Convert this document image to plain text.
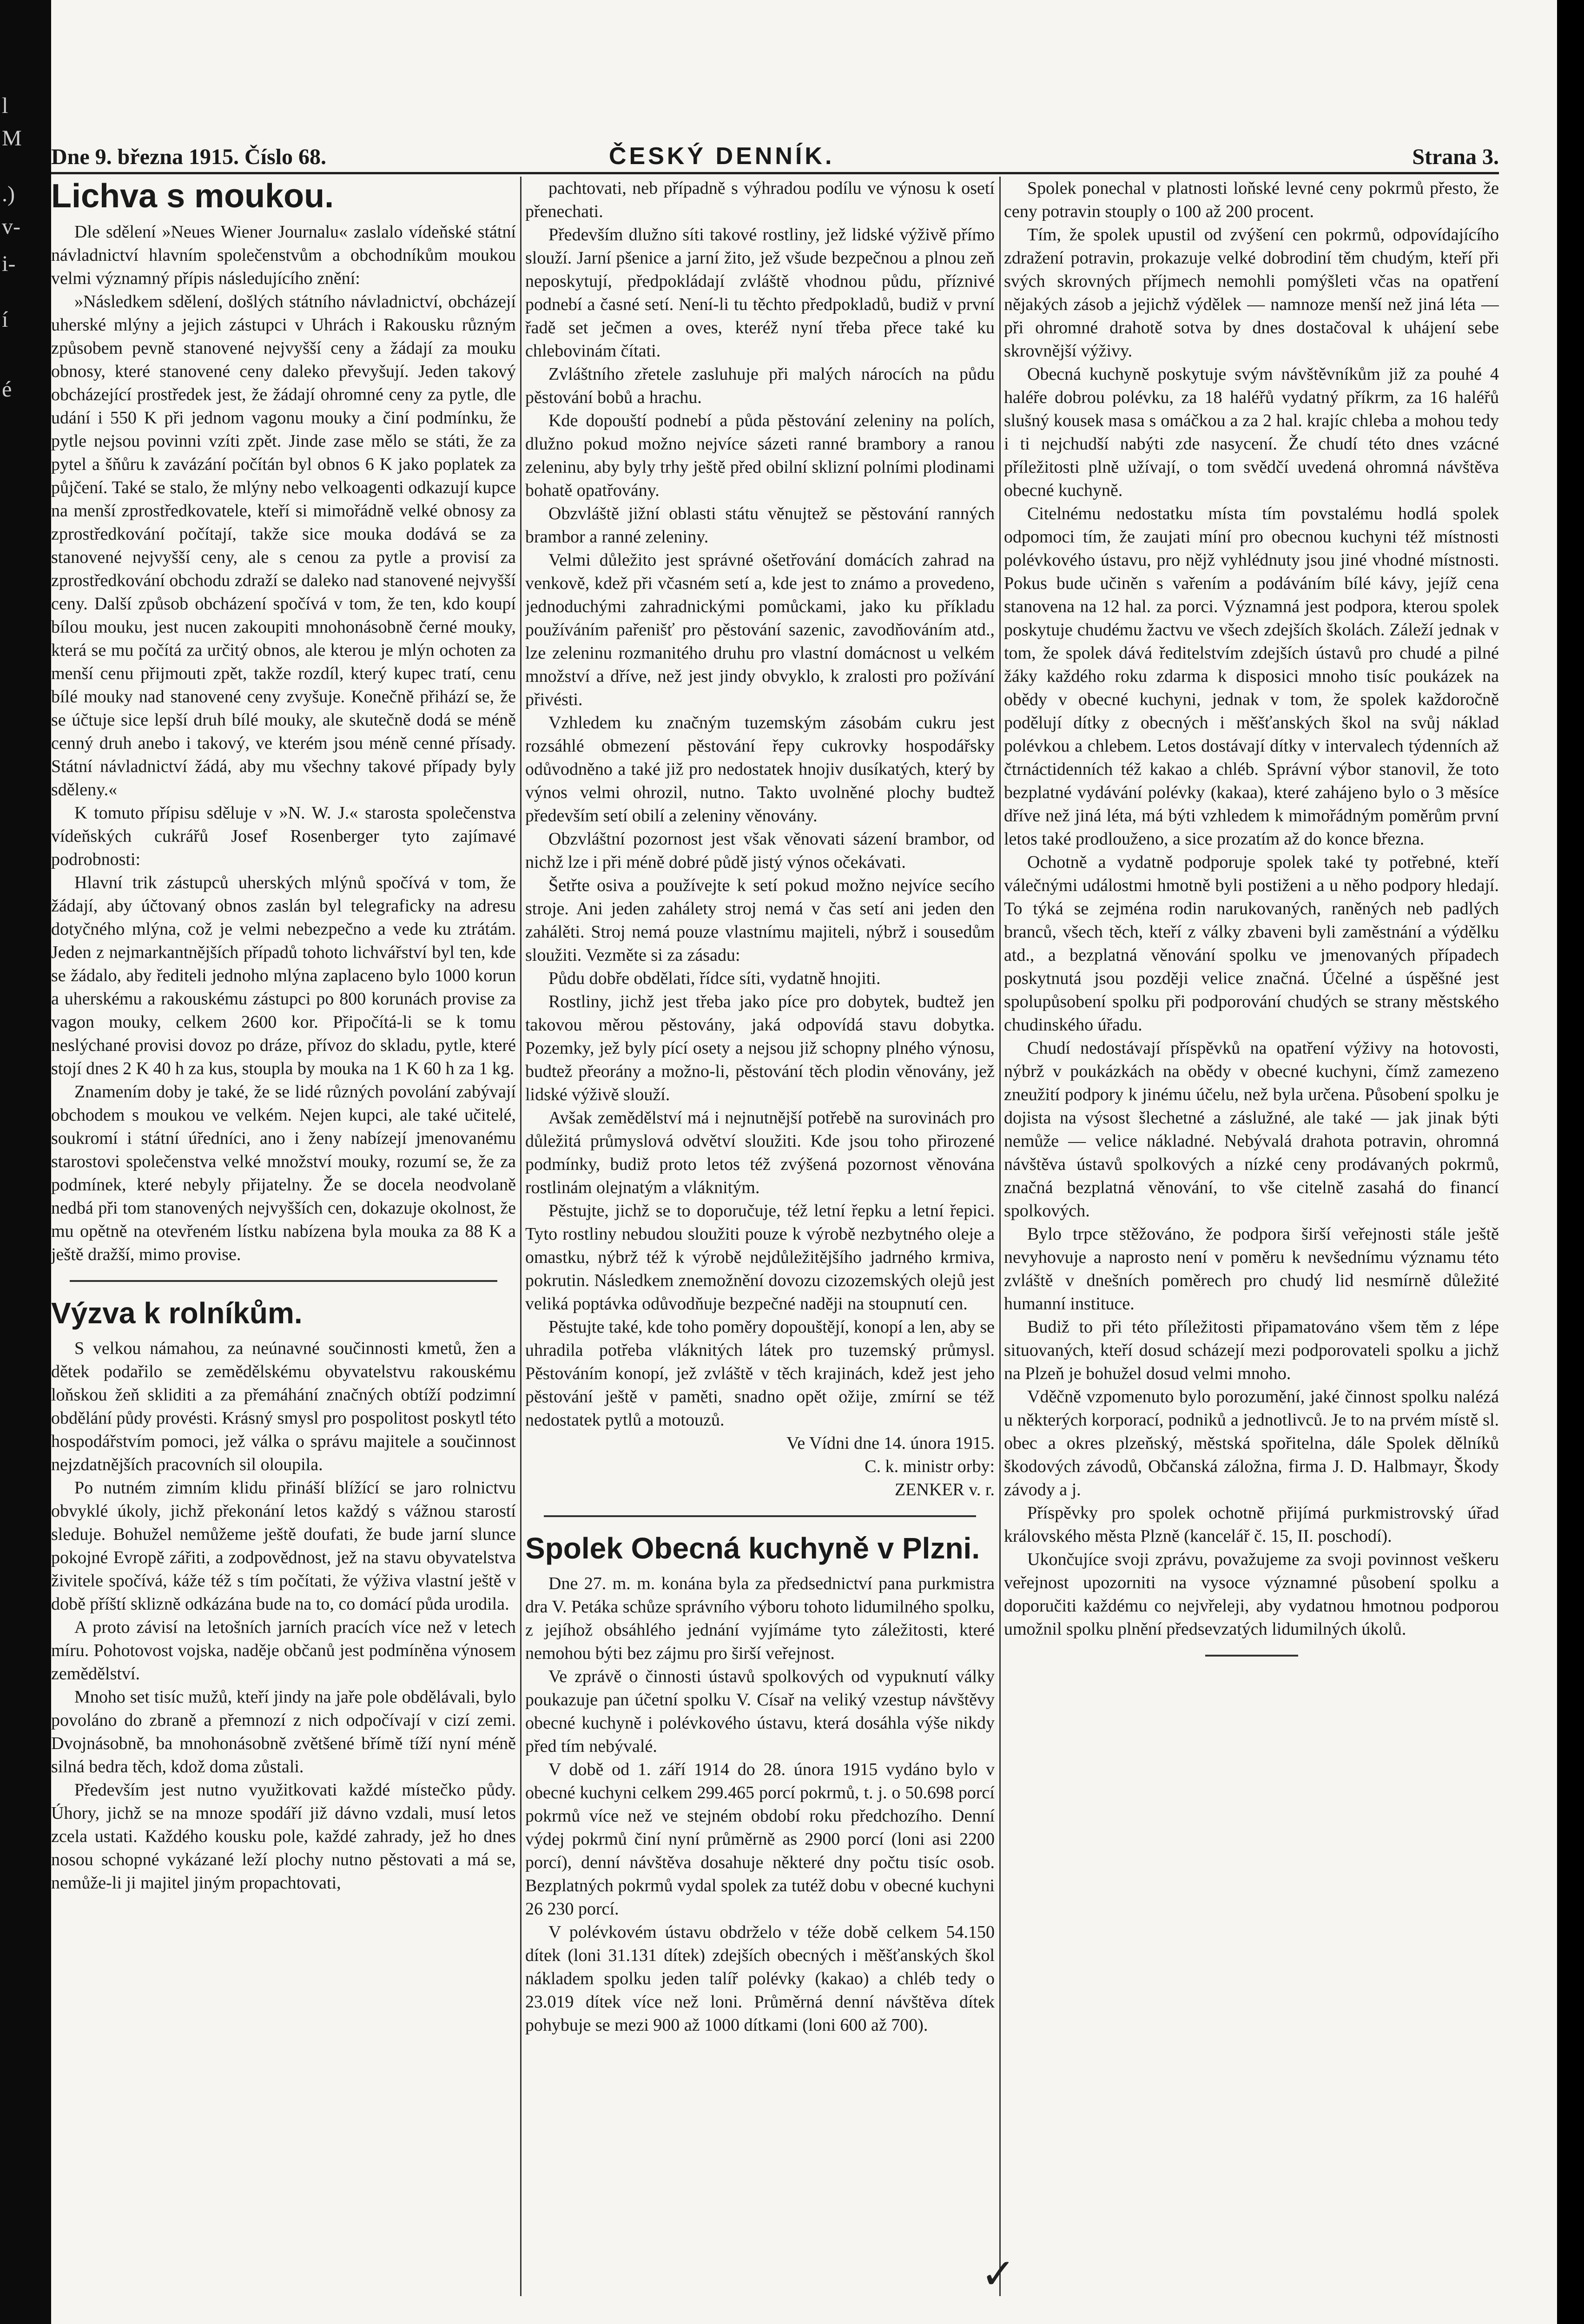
l
M
.)
v-
i-
í
é
Dne 9. března 1915. Číslo 68.	ČESKÝ DENNÍK.	Strana 3.
Lichva s moukou.

Dle sdělení »Neues Wiener Journalu« zaslalo vídeňské státní návladnictví hlavním společenstvům a obchodníkům moukou velmi významný přípis následujícího znění:

»Následkem sdělení, došlých státního návladnictví, obcházejí uherské mlýny a jejich zástupci v Uhrách i Rakousku různým způsobem pevně stanovené nejvyšší ceny a žádají za mouku obnosy, které stanovené ceny daleko převyšují. Jeden takový obcházející prostředek jest, že žádají ohromné ceny za pytle, dle udání i 550 K při jednom vagonu mouky a činí podmínku, že pytle nejsou povinni vzíti zpět. Jinde zase mělo se státi, že za pytel a šňůru k zavázání počítán byl obnos 6 K jako poplatek za půjčení. Také se stalo, že mlýny nebo velkoagenti odkazují kupce na menší zprostředkovatele, kteří si mimořádně velké obnosy za zprostředkování počítají, takže sice mouka dodává se za stanovené nejvyšší ceny, ale s cenou za pytle a provisí za zprostředkování obchodu zdraží se daleko nad stanovené nejvyšší ceny. Další způsob obcházení spočívá v tom, že ten, kdo koupí bílou mouku, jest nucen zakoupiti mnohonásobně černé mouky, která se mu počítá za určitý obnos, ale kterou je mlýn ochoten za menší cenu přijmouti zpět, takže rozdíl, který kupec tratí, cenu bílé mouky nad stanovené ceny zvyšuje. Konečně přihází se, že se účtuje sice lepší druh bílé mouky, ale skutečně dodá se méně cenný druh anebo i takový, ve kterém jsou méně cenné přísady. Státní návladnictví žádá, aby mu všechny takové případy byly sděleny.«

K tomuto přípisu sděluje v »N. W. J.« starosta společenstva vídeňských cukrářů Josef Rosenberger tyto zajímavé podrobnosti:

Hlavní trik zástupců uherských mlýnů spočívá v tom, že žádají, aby účtovaný obnos zaslán byl telegraficky na adresu dotyčného mlýna, což je velmi nebezpečno a vede ku ztrátám. Jeden z nejmarkantnějších případů tohoto lichvářství byl ten, kde se žádalo, aby řediteli jednoho mlýna zaplaceno bylo 1000 korun a uherskému a rakouskému zástupci po 800 korunách provise za vagon mouky, celkem 2600 kor. Připočítá-li se k tomu neslýchané provisi dovoz po dráze, přívoz do skladu, pytle, které stojí dnes 2 K 40 h za kus, stoupla by mouka na 1 K 60 h za 1 kg.

Znamením doby je také, že se lidé různých povolání zabývají obchodem s moukou ve velkém. Nejen kupci, ale také učitelé, soukromí i státní úředníci, ano i ženy nabízejí jmenovanému starostovi společenstva velké množství mouky, rozumí se, že za podmínek, které nebyly přijatelny. Že se docela neodvolaně nedbá při tom stanovených nejvyšších cen, dokazuje okolnost, že mu opětně na otevřeném lístku nabízena byla mouka za 88 K a ještě dražší, mimo provise.

Výzva k rolníkům.

S velkou námahou, za neúnavné součinnosti kmetů, žen a dětek podařilo se zemědělskému obyvatelstvu rakouskému loňskou žeň skliditi a za přemáhání značných obtíží podzimní obdělání půdy provésti. Krásný smysl pro pospolitost poskytl této hospodářstvím pomoci, jež válka o správu majitele a součinnost nejzdatnějších pracovních sil oloupila.

Po nutném zimním klidu přináší blížící se jaro rolnictvu obvyklé úkoly, jichž překonání letos každý s vážnou starostí sleduje. Bohužel nemůžeme ještě doufati, že bude jarní slunce pokojné Evropě zářiti, a zodpovědnost, jež na stavu obyvatelstva živitele spočívá, káže též s tím počítati, že výživa vlastní ještě v době příští sklizně odkázána bude na to, co domácí půda urodila.

A proto závisí na letošních jarních pracích více než v letech míru. Pohotovost vojska, naděje občanů jest podmíněna výnosem zemědělství.

Mnoho set tisíc mužů, kteří jindy na jaře pole obdělávali, bylo povoláno do zbraně a přemnozí z nich odpočívají v cizí zemi. Dvojnásobně, ba mnohonásobně zvětšené břímě tíží nyní méně silná bedra těch, kdož doma zůstali.

Především jest nutno využitkovati každé místečko půdy. Úhory, jichž se na mnoze spodáří již dávno vzdali, musí letos zcela ustati. Každého kousku pole, každé zahrady, jež ho dnes nosou schopné vykázané leží plochy nutno pěstovati a má se, nemůže-li ji majitel jiným propachtovati,

pachtovati, neb případně s výhradou podílu ve výnosu k osetí přenechati.

Především dlužno síti takové rostliny, jež lidské výživě přímo slouží. Jarní pšenice a jarní žito, jež všude bezpečnou a plnou zeň neposkytují, předpokládají zvláště vhodnou půdu, příznivé podnebí a časné setí. Není-li tu těchto předpokladů, budiž v první řadě set ječmen a oves, kteréž nyní třeba přece také ku chlebovinám čítati.

Zvláštního zřetele zasluhuje při malých nárocích na půdu pěstování bobů a hrachu.

Kde dopouští podnebí a půda pěstování zeleniny na polích, dlužno pokud možno nejvíce sázeti ranné brambory a ranou zeleninu, aby byly trhy ještě před obilní sklizní polními plodinami bohatě opatřovány.

Obzvláště jižní oblasti státu věnujtež se pěstování ranných brambor a ranné zeleniny.

Velmi důležito jest správné ošetřování domácích zahrad na venkově, kdež při včasném setí a, kde jest to známo a provedeno, jednoduchými zahradnickými pomůckami, jako ku příkladu používáním pařenišť pro pěstování sazenic, zavodňováním atd., lze zeleninu rozmanitého druhu pro vlastní domácnost u velkém množství a dříve, než jest jindy obvyklo, k zralosti pro požívání přivésti.

Vzhledem ku značným tuzemským zásobám cukru jest rozsáhlé obmezení pěstování řepy cukrovky hospodářsky odůvodněno a také již pro nedostatek hnojiv dusíkatých, který by výnos velmi ohrozil, nutno. Takto uvolněné plochy budtež především setí obilí a zeleniny věnovány.

Obzvláštní pozornost jest však věnovati sázení brambor, od nichž lze i při méně dobré půdě jistý výnos očekávati.

Šetřte osiva a používejte k setí pokud možno nejvíce secího stroje. Ani jeden zahálety stroj nemá v čas setí ani jeden den zahálěti. Stroj nemá pouze vlastnímu majiteli, nýbrž i sousedům sloužiti. Vezměte si za zásadu:

Půdu dobře obdělati, řídce síti, vydatně hnojiti.

Rostliny, jichž jest třeba jako píce pro dobytek, budtež jen takovou měrou pěstovány, jaká odpovídá stavu dobytka. Pozemky, jež byly pící osety a nejsou již schopny plného výnosu, budtež přeorány a možno-li, pěstování těch plodin věnovány, jež lidské výživě slouží.

Avšak zemědělství má i nejnutnější potřebě na surovinách pro důležitá průmyslová odvětví sloužiti. Kde jsou toho přirozené podmínky, budiž proto letos též zvýšená pozornost věnována rostlinám olejnatým a vláknitým.

Pěstujte, jichž se to doporučuje, též letní řepku a letní řepici. Tyto rostliny nebudou sloužiti pouze k výrobě nezbytného oleje a omastku, nýbrž též k výrobě nejdůležitějšího jadrného krmiva, pokrutin. Následkem znemožnění dovozu cizozemských olejů jest veliká poptávka odůvodňuje bezpečné naději na stoupnutí cen.

Pěstujte také, kde toho poměry dopouštějí, konopí a len, aby se uhradila potřeba vláknitých látek pro tuzemský průmysl. Pěstováním konopí, jež zvláště v těch krajinách, kdež jest jeho pěstování ještě v paměti, snadno opět ožije, zmírní se též nedostatek pytlů a motouzů.

Ve Vídni dne 14. února 1915.
C. k. ministr orby:
ZENKER v. r.
Spolek Obecná kuchyně v Plzni.

Dne 27. m. m. konána byla za předsednictví pana purkmistra dra V. Petáka schůze správního výboru tohoto lidumilného spolku, z jejíhož obsáhlého jednání vyjímáme tyto záležitosti, které nemohou býti bez zájmu pro širší veřejnost.

Ve zprávě o činnosti ústavů spolkových od vypuknutí války poukazuje pan účetní spolku V. Císař na veliký vzestup návštěvy obecné kuchyně i polévkového ústavu, která dosáhla výše nikdy před tím nebývalé.

V době od 1. září 1914 do 28. února 1915 vydáno bylo v obecné kuchyni celkem 299.465 porcí pokrmů, t. j. o 50.698 porcí pokrmů více než ve stejném období roku předchozího. Denní výdej pokrmů činí nyní průměrně as 2900 porcí (loni asi 2200 porcí), denní návštěva dosahuje některé dny počtu tisíc osob. Bezplatných pokrmů vydal spolek za tutéž dobu v obecné kuchyni 26 230 porcí.

V polévkovém ústavu obdrželo v téže době celkem 54.150 dítek (loni 31.131 dítek) zdejších obecných i měšťanských škol nákladem spolku jeden talíř polévky (kakao) a chléb tedy o 23.019 dítek více než loni. Průměrná denní návštěva dítek pohybuje se mezi 900 až 1000 dítkami (loni 600 až 700).

Spolek ponechal v platnosti loňské levné ceny pokrmů přesto, že ceny potravin stouply o 100 až 200 procent.

Tím, že spolek upustil od zvýšení cen pokrmů, odpovídajícího zdražení potravin, prokazuje velké dobrodiní těm chudým, kteří při svých skrovných příjmech nemohli pomýšleti včas na opatření nějakých zásob a jejichž výdělek — namnoze menší než jiná léta — při ohromné drahotě sotva by dnes dostačoval k uhájení sebe skrovnější výživy.

Obecná kuchyně poskytuje svým návštěvníkům již za pouhé 4 haléře dobrou polévku, za 18 haléřů vydatný příkrm, za 16 haléřů slušný kousek masa s omáčkou a za 2 hal. krajíc chleba a mohou tedy i ti nejchudší nabýti zde nasycení. Že chudí této dnes vzácné příležitosti plně užívají, o tom svědčí uvedená ohromná návštěva obecné kuchyně.

Citelnému nedostatku místa tím povstalému hodlá spolek odpomoci tím, že zaujati míní pro obecnou kuchyni též místnosti polévkového ústavu, pro nějž vyhlédnuty jsou jiné vhodné místnosti. Pokus bude učiněn s vařením a podáváním bílé kávy, jejíž cena stanovena na 12 hal. za porci. Významná jest podpora, kterou spolek poskytuje chudému žactvu ve všech zdejších školách. Záleží jednak v tom, že spolek dává ředitelstvím zdejších ústavů pro chudé a pilné žáky každého roku zdarma k disposici mnoho tisíc poukázek na obědy v obecné kuchyni, jednak v tom, že spolek každoročně podělují dítky z obecných i měšťanských škol na svůj náklad polévkou a chlebem. Letos dostávají dítky v intervalech týdenních až čtrnáctidenních též kakao a chléb. Správní výbor stanovil, že toto bezplatné vydávání polévky (kakaa), které zahájeno bylo o 3 měsíce dříve než jiná léta, má býti vzhledem k mimořádným poměrům první letos také prodlouženo, a sice prozatím až do konce března.

Ochotně a vydatně podporuje spolek také ty potřebné, kteří válečnými událostmi hmotně byli postiženi a u něho podpory hledají. To týká se zejména rodin narukovaných, raněných neb padlých branců, všech těch, kteří z války zbaveni byli zaměstnání a výdělku atd., a bezplatná věnování spolku ve jmenovaných případech poskytnutá jsou později velice značná. Účelné a úspěšné jest spolupůsobení spolku při podporování chudých se strany městského chudinského úřadu.

Chudí nedostávají příspěvků na opatření výživy na hotovosti, nýbrž v poukázkách na obědy v obecné kuchyni, čímž zamezeno zneužití podpory k jinému účelu, než byla určena. Působení spolku je dojista na výsost šlechetné a záslužné, ale také — jak jinak býti nemůže — velice nákladné. Nebývalá drahota potravin, ohromná návštěva ústavů spolkových a nízké ceny prodávaných pokrmů, značná bezplatná věnování, to vše citelně zasahá do financí spolkových.

Bylo trpce stěžováno, že podpora širší veřejnosti stále ještě nevyhovuje a naprosto není v poměru k nevšednímu významu této zvláště v dnešních poměrech pro chudý lid nesmírně důležité humanní instituce.

Budiž to při této příležitosti připamatováno všem těm z lépe situovaných, kteří dosud scházejí mezi podporovateli spolku a jichž na Plzeň je bohužel dosud velmi mnoho.

Vděčně vzpomenuto bylo porozumění, jaké činnost spolku nalézá u některých korporací, podniků a jednotlivců. Je to na prvém místě sl. obec a okres plzeňský, městská spořitelna, dále Spolek dělníků škodových závodů, Občanská záložna, firma J. D. Halbmayr, Škody závody a j.

Příspěvky pro spolek ochotně přijímá purkmistrovský úřad královského města Plzně (kancelář č. 15, II. poschodí).

Ukončujíce svoji zprávu, považujeme za svoji povinnost veškeru veřejnost upozorniti na vysoce významné působení spolku a doporučiti každému co nejvřeleji, aby vydatnou hmotnou podporou umožnil spolku plnění předsevzatých lidumilných úkolů.

✓
